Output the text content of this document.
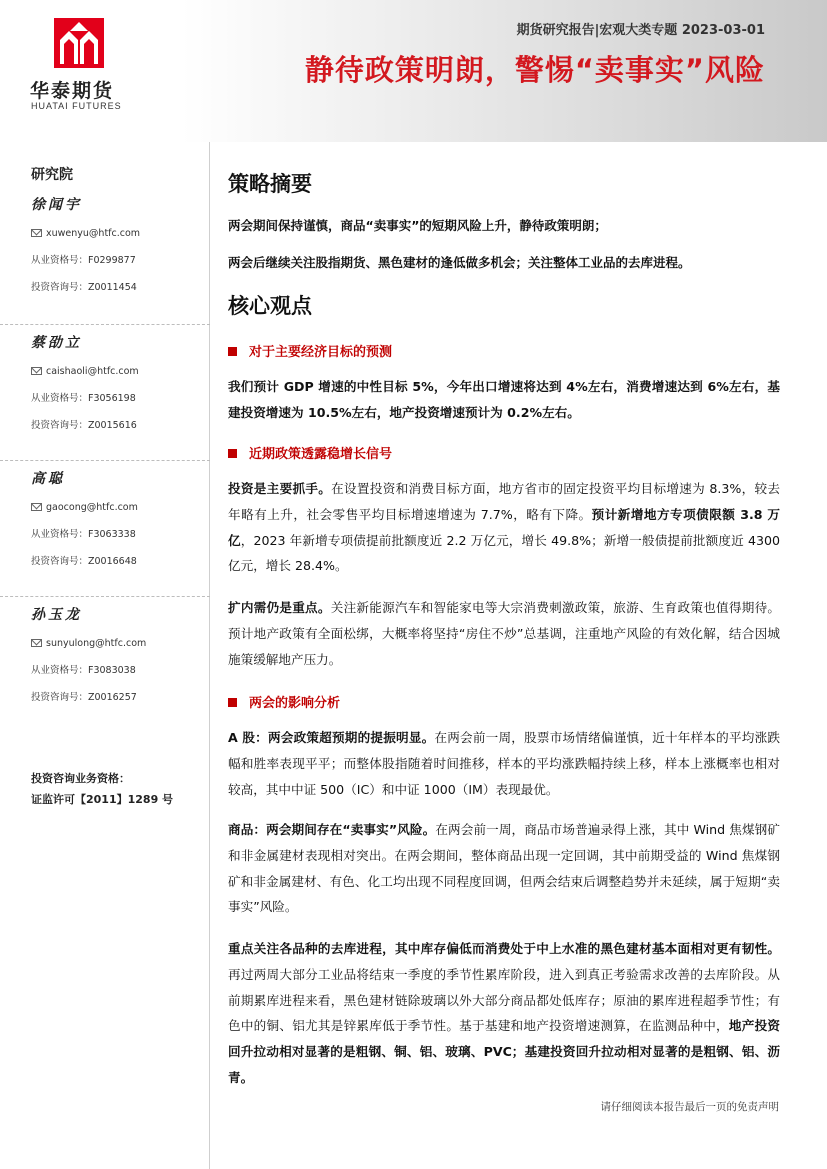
华泰期货
HUATAI FUTURES
期货研究报告|宏观大类专题 2023-03-01
静待政策明朗，警惕“卖事实”风险
研究院
徐闻宇
xuwenyu@htfc.com
从业资格号：F0299877
投资咨询号：Z0011454
蔡劭立
caishaoli@htfc.com
从业资格号：F3056198
投资咨询号：Z0015616
高聪
gaocong@htfc.com
从业资格号：F3063338
投资咨询号：Z0016648
孙玉龙
sunyulong@htfc.com
从业资格号：F3083038
投资咨询号：Z0016257
投资咨询业务资格：
证监许可【2011】1289 号
策略摘要
两会期间保持谨慎，商品“卖事实”的短期风险上升，静待政策明朗；
两会后继续关注股指期货、黑色建材的逢低做多机会；关注整体工业品的去库进程。
核心观点
对于主要经济目标的预测
我们预计 GDP 增速的中性目标 5%，今年出口增速将达到 4%左右，消费增速达到 6%左右，基建投资增速为 10.5%左右，地产投资增速预计为 0.2%左右。
近期政策透露稳增长信号
投资是主要抓手。在设置投资和消费目标方面，地方省市的固定投资平均目标增速为 8.3%，较去年略有上升，社会零售平均目标增速增速为 7.7%，略有下降。预计新增地方专项债限额 3.8 万亿，2023 年新增专项债提前批额度近 2.2 万亿元，增长 49.8%；新增一般债提前批额度近 4300 亿元，增长 28.4%。
扩内需仍是重点。关注新能源汽车和智能家电等大宗消费刺激政策，旅游、生育政策也值得期待。预计地产政策有全面松绑，大概率将坚持“房住不炒”总基调，注重地产风险的有效化解，结合因城施策缓解地产压力。
两会的影响分析
A 股：两会政策超预期的提振明显。在两会前一周，股票市场情绪偏谨慎，近十年样本的平均涨跌幅和胜率表现平平；而整体股指随着时间推移，样本的平均涨跌幅持续上移，样本上涨概率也相对较高，其中中证 500（IC）和中证 1000（IM）表现最优。
商品：两会期间存在“卖事实”风险。在两会前一周，商品市场普遍录得上涨，其中 Wind 焦煤钢矿和非金属建材表现相对突出。在两会期间，整体商品出现一定回调，其中前期受益的 Wind 焦煤钢矿和非金属建材、有色、化工均出现不同程度回调，但两会结束后调整趋势并未延续，属于短期“卖事实”风险。
重点关注各品种的去库进程，其中库存偏低而消费处于中上水准的黑色建材基本面相对更有韧性。再过两周大部分工业品将结束一季度的季节性累库阶段，进入到真正考验需求改善的去库阶段。从前期累库进程来看，黑色建材链除玻璃以外大部分商品都处低库存；原油的累库进程超季节性；有色中的铜、铝尤其是锌累库低于季节性。基于基建和地产投资增速测算，在监测品种中，地产投资回升拉动相对显著的是粗钢、铜、铝、玻璃、PVC；基建投资回升拉动相对显著的是粗钢、铝、沥青。
请仔细阅读本报告最后一页的免责声明
